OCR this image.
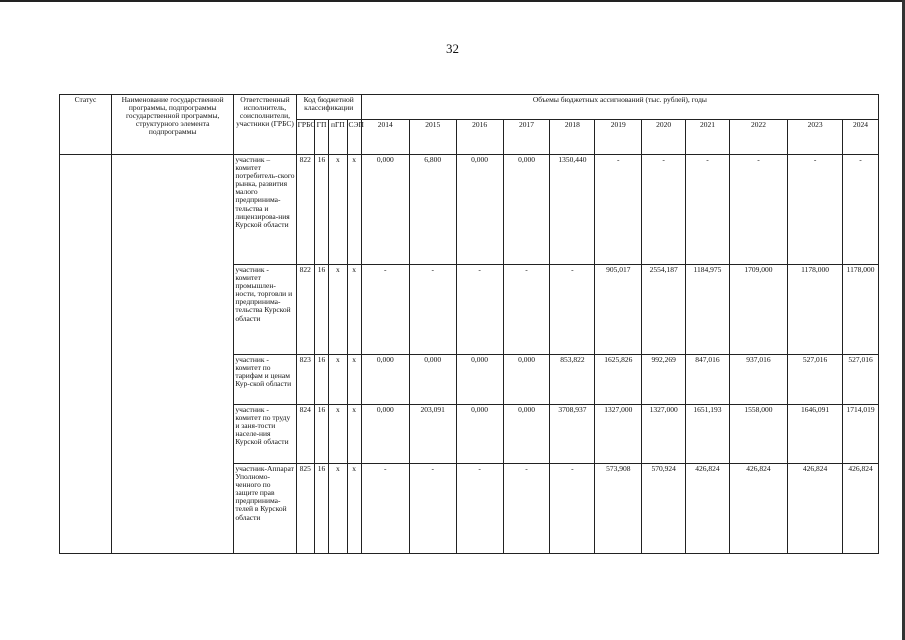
32
Статус	Наименование государственной программы, подпрограммы государственной программы, структурного элемента подпрограммы	Ответственный исполнитель, соисполнители, участники (ГРБС)	Код бюджетной классификации				Объемы бюджетных ассигнований (тыс. рублей), годы										
			ГРБС	ГП	пГП	СЭП	2014	2015	2016	2017	2018	2019	2020	2021	2022	2023	2024
		участник – комитет потребитель-ского рынка, развития малого предпринима-тельства и лицензирова-ния Курской области	822	16	х	х	0,000	6,800	0,000	0,000	1350,440	-	-	-	-	-	-
		участник - комитет промышлен-ности, торговли и предпринима-тельства Курской области	822	16	х	х	-	-	-	-	-	905,017	2554,187	1184,975	1709,000	1178,000	1178,000
		участник - комитет по тарифам и ценам Кур-ской области	823	16	х	х	0,000	0,000	0,000	0,000	853,822	1625,826	992,269	847,016	937,016	527,016	527,016
		участник - комитет по труду и заня-тости населе-ния Курской области	824	16	х	х	0,000	203,091	0,000	0,000	3708,937	1327,000	1327,000	1651,193	1558,000	1646,091	1714,019
		участник-Аппарат Уполномо-ченного по защите прав предпринима-телей в Курской области	825	16	х	х	-	-	-	-	-	573,908	570,924	426,824	426,824	426,824	426,824
